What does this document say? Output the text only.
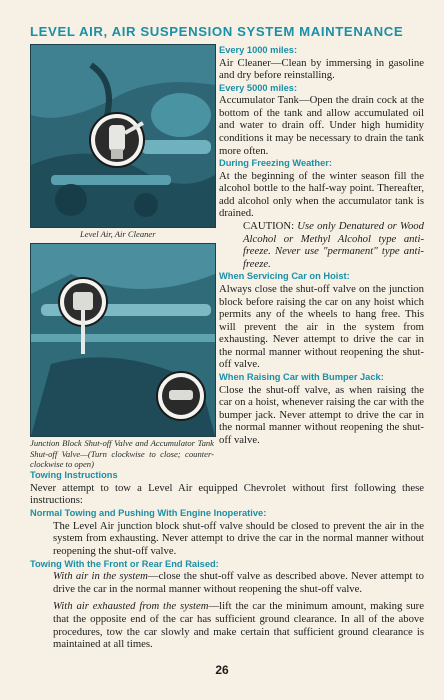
LEVEL AIR, AIR SUSPENSION SYSTEM MAINTENANCE
Level Air, Air Cleaner
Junction Block Shut-off Valve and Accumulator Tank Shut-off Valve—(Turn clockwise to close; counter-clockwise to open)
Every 1000 miles:

Air Cleaner—Clean by immersing in gasoline and dry before reinstalling.

Every 5000 miles:

Accumulator Tank—Open the drain cock at the bottom of the tank and allow accumulated oil and water to drain off. Under high humidity conditions it may be necessary to drain the tank more often.

During Freezing Weather:

At the beginning of the winter season fill the alcohol bottle to the half-way point. Thereafter, add alcohol only when the accumulator tank is drained.

CAUTION: Use only Denatured or Wood Alcohol or Methyl Alcohol type anti-freeze. Never use "permanent" type anti-freeze.

When Servicing Car on Hoist:

Always close the shut-off valve on the junction block before raising the car on any hoist which permits any of the wheels to hang free. This will prevent the air in the system from exhausting. Never attempt to drive the car in the normal manner without reopening the shut-off valve.

When Raising Car with Bumper Jack:

Close the shut-off valve, as when raising the car on a hoist, whenever raising the car with the bumper jack. Never attempt to drive the car in the normal manner without reopening the shut-off valve.

Towing Instructions

Never attempt to tow a Level Air equipped Chevrolet without first following these instructions:

Normal Towing and Pushing With Engine Inoperative:

The Level Air junction block shut-off valve should be closed to prevent the air in the system from exhausting. Never attempt to drive the car in the normal manner without reopening the shut-off valve.

Towing With the Front or Rear End Raised:

With air in the system—close the shut-off valve as described above. Never attempt to drive the car in the normal manner without reopening the shut-off valve.

With air exhausted from the system—lift the car the minimum amount, making sure that the opposite end of the car has sufficient ground clearance. In all of the above procedures, tow the car slowly and make certain that sufficient ground clearance is maintained at all times.

26
